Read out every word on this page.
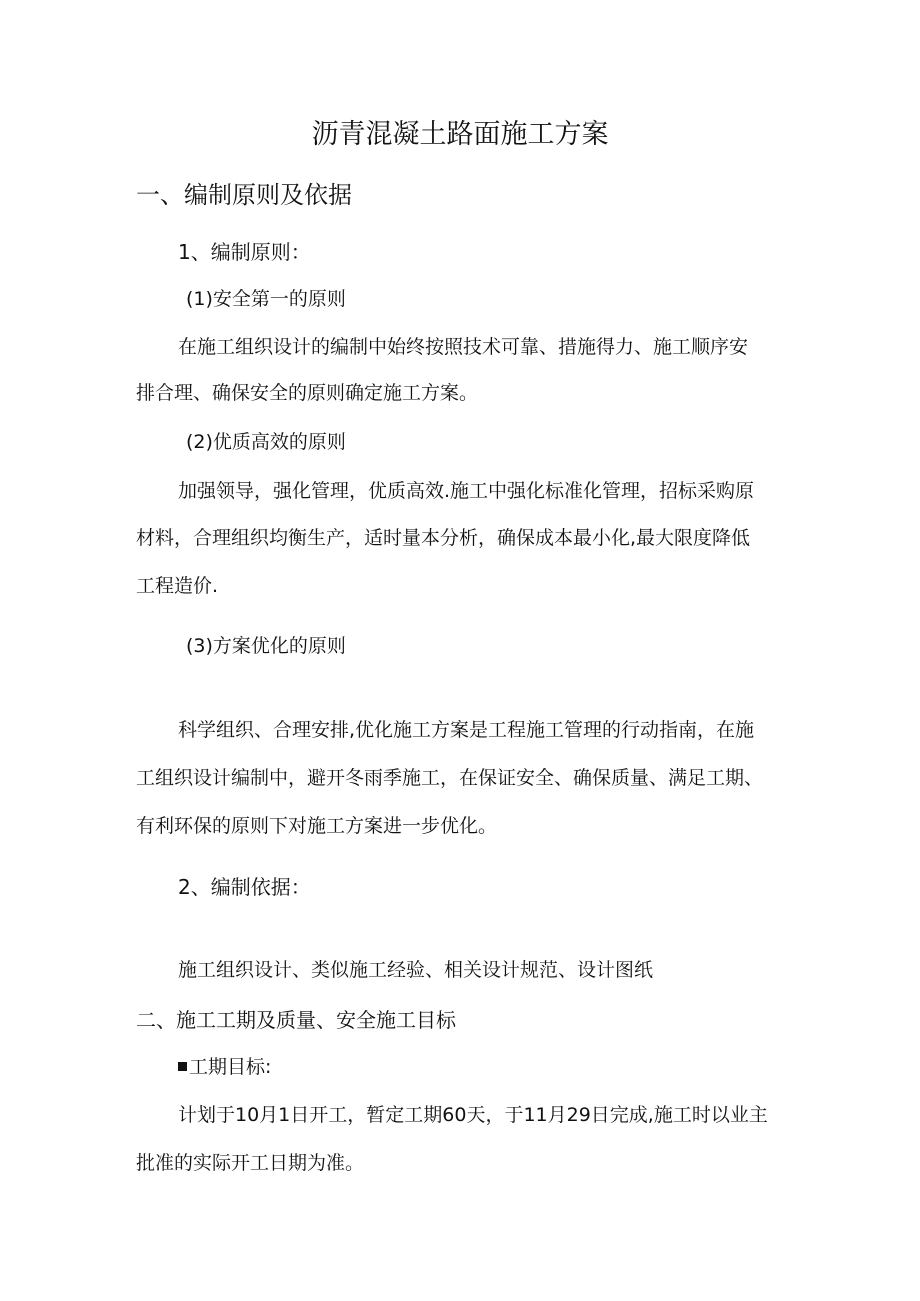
沥青混凝土路面施工方案
一、编制原则及依据
1、编制原则：
(1)安全第一的原则
在施工组织设计的编制中始终按照技术可靠、措施得力、施工顺序安
排合理、确保安全的原则确定施工方案。
(2)优质高效的原则
加强领导，强化管理，优质高效.施工中强化标准化管理，招标采购原
材料，合理组织均衡生产，适时量本分析，确保成本最小化,最大限度降低
工程造价.
(3)方案优化的原则
科学组织、合理安排,优化施工方案是工程施工管理的行动指南，在施
工组织设计编制中，避开冬雨季施工，在保证安全、确保质量、满足工期、
有利环保的原则下对施工方案进一步优化。
2、编制依据：
施工组织设计、类似施工经验、相关设计规范、设计图纸
二、施工工期及质量、安全施工目标
工期目标:
计划于10月1日开工，暂定工期60天，于11月29日完成,施工时以业主
批准的实际开工日期为准。
